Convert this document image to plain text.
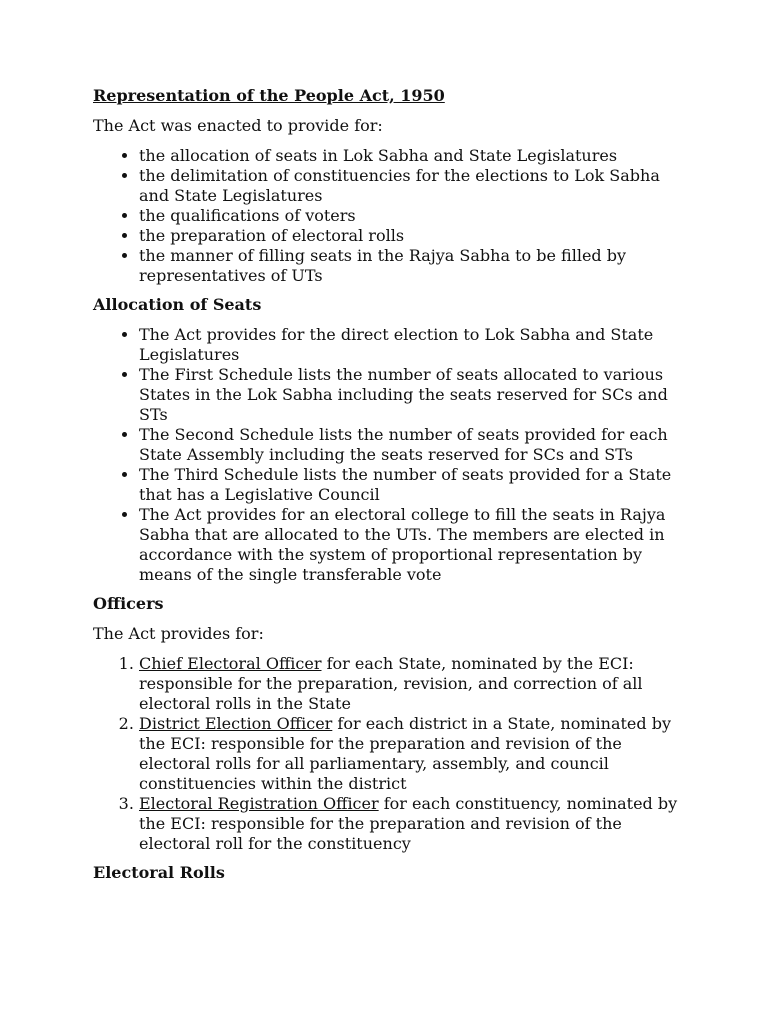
Representation of the People Act, 1950

The Act was enacted to provide for:

• the allocation of seats in Lok Sabha and State Legislatures
• the delimitation of constituencies for the elections to Lok Sabha and State Legislatures
• the qualifications of voters
• the preparation of electoral rolls
• the manner of filling seats in the Rajya Sabha to be filled by representatives of UTs
Allocation of Seats
• The Act provides for the direct election to Lok Sabha and State Legislatures
• The First Schedule lists the number of seats allocated to various States in the Lok Sabha including the seats reserved for SCs and STs
• The Second Schedule lists the number of seats provided for each State Assembly including the seats reserved for SCs and STs
• The Third Schedule lists the number of seats provided for a State that has a Legislative Council
• The Act provides for an electoral college to fill the seats in Rajya Sabha that are allocated to the UTs. The members are elected in accordance with the system of proportional representation by means of the single transferable vote
Officers

The Act provides for:

1. Chief Electoral Officer for each State, nominated by the ECI: responsible for the preparation, revision, and correction of all electoral rolls in the State
2. District Election Officer for each district in a State, nominated by the ECI: responsible for the preparation and revision of the electoral rolls for all parliamentary, assembly, and council constituencies within the district
3. Electoral Registration Officer for each constituency, nominated by the ECI: responsible for the preparation and revision of the electoral roll for the constituency
Electoral Rolls
